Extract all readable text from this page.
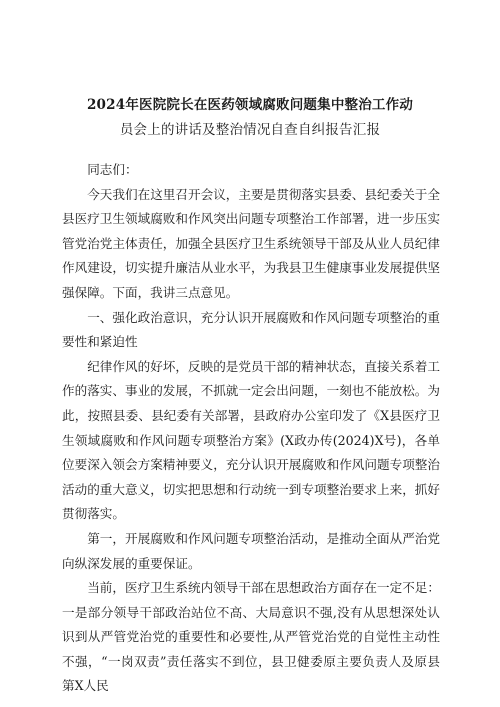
2024年医院院长在医药领域腐败问题集中整治工作动
员会上的讲话及整治情况自查自纠报告汇报

同志们：

今天我们在这里召开会议，主要是贯彻落实县委、县纪委关于全县医疗卫生领域腐败和作风突出问题专项整治工作部署，进一步压实管党治党主体责任，加强全县医疗卫生系统领导干部及从业人员纪律作风建设，切实提升廉洁从业水平，为我县卫生健康事业发展提供坚强保障。下面，我讲三点意见。

一、强化政治意识，充分认识开展腐败和作风问题专项整治的重要性和紧迫性

纪律作风的好坏，反映的是党员干部的精神状态，直接关系着工作的落实、事业的发展，不抓就一定会出问题，一刻也不能放松。为此，按照县委、县纪委有关部署，县政府办公室印发了《X县医疗卫生领域腐败和作风问题专项整治方案》(X政办传(2024)X号)，各单位要深入领会方案精神要义，充分认识开展腐败和作风问题专项整治活动的重大意义，切实把思想和行动统一到专项整治要求上来，抓好贯彻落实。

第一，开展腐败和作风问题专项整治活动，是推动全面从严治党向纵深发展的重要保证。

当前，医疗卫生系统内领导干部在思想政治方面存在一定不足：一是部分领导干部政治站位不高、大局意识不强,没有从思想深处认识到从严管党治党的重要性和必要性,从严管党治党的自觉性主动性不强，“一岗双责”责任落实不到位，县卫健委原主要负责人及原县第X人民
